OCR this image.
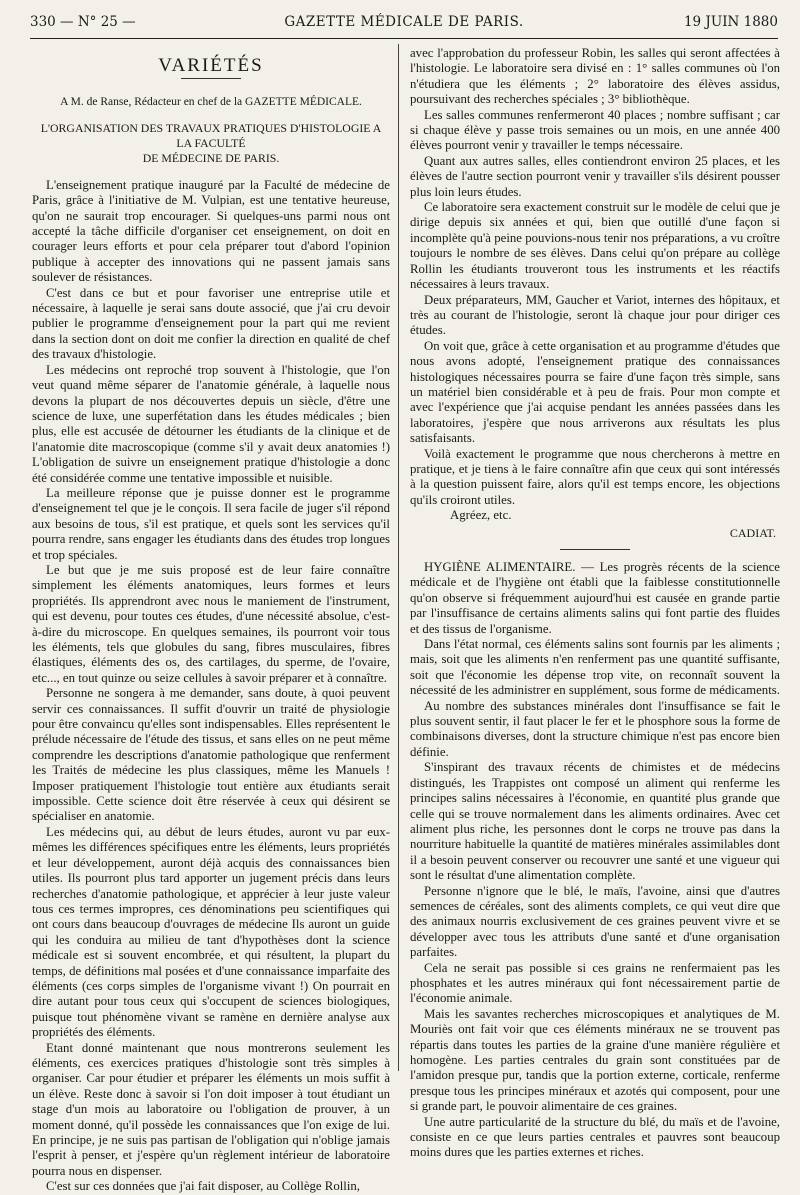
330 — N° 25 —	GAZETTE MÉDICALE DE PARIS.	19 JUIN 1880
VARIÉTÉS
A M. de Ranse, Rédacteur en chef de la GAZETTE MÉDICALE.
L'ORGANISATION DES TRAVAUX PRATIQUES D'HISTOLOGIE A LA FACULTÉ
DE MÉDECINE DE PARIS.

L'enseignement pratique inauguré par la Faculté de médecine de Paris, grâce à l'initiative de M. Vulpian, est une tentative heureuse, qu'on ne saurait trop encourager. Si quelques-uns parmi nous ont accepté la tâche difficile d'organiser cet enseignement, on doit en courager leurs efforts et pour cela préparer tout d'abord l'opinion publique à accepter des innovations qui ne passent jamais sans soulever de résistances.

C'est dans ce but et pour favoriser une entreprise utile et nécessaire, à laquelle je serai sans doute associé, que j'ai cru devoir publier le programme d'enseignement pour la part qui me revient dans la section dont on doit me confier la direction en qualité de chef des travaux d'histologie.

Les médecins ont reproché trop souvent à l'histologie, que l'on veut quand même séparer de l'anatomie générale, à laquelle nous devons la plupart de nos découvertes depuis un siècle, d'être une science de luxe, une superfétation dans les études médicales ; bien plus, elle est accusée de détourner les étudiants de la clinique et de l'anatomie dite macroscopique (comme s'il y avait deux anatomies !) L'obligation de suivre un enseignement pratique d'histologie a donc été considérée comme une tentative impossible et nuisible.

La meilleure réponse que je puisse donner est le programme d'enseignement tel que je le conçois. Il sera facile de juger s'il répond aux besoins de tous, s'il est pratique, et quels sont les services qu'il pourra rendre, sans engager les étudiants dans des études trop longues et trop spéciales.

Le but que je me suis proposé est de leur faire connaître simplement les éléments anatomiques, leurs formes et leurs propriétés. Ils apprendront avec nous le maniement de l'instrument, qui est devenu, pour toutes ces études, d'une nécessité absolue, c'est-à-dire du microscope. En quelques semaines, ils pourront voir tous les éléments, tels que globules du sang, fibres musculaires, fibres élastiques, éléments des os, des cartilages, du sperme, de l'ovaire, etc..., en tout quinze ou seize cellules à savoir préparer et à connaître.

Personne ne songera à me demander, sans doute, à quoi peuvent servir ces connaissances. Il suffit d'ouvrir un traité de physiologie pour être convaincu qu'elles sont indispensables. Elles représentent le prélude nécessaire de l'étude des tissus, et sans elles on ne peut même comprendre les descriptions d'anatomie pathologique que renferment les Traités de médecine les plus classiques, même les Manuels ! Imposer pratiquement l'histologie tout entière aux étudiants serait impossible. Cette science doit être réservée à ceux qui désirent se spécialiser en anatomie.

Les médecins qui, au début de leurs études, auront vu par eux-mêmes les différences spécifiques entre les éléments, leurs propriétés et leur développement, auront déjà acquis des connaissances bien utiles. Ils pourront plus tard apporter un jugement précis dans leurs recherches d'anatomie pathologique, et apprécier à leur juste valeur tous ces termes impropres, ces dénominations peu scientifiques qui ont cours dans beaucoup d'ouvrages de médecine Ils auront un guide qui les conduira au milieu de tant d'hypothèses dont la science médicale est si souvent encombrée, et qui résultent, la plupart du temps, de définitions mal posées et d'une connaissance imparfaite des éléments (ces corps simples de l'organisme vivant !) On pourrait en dire autant pour tous ceux qui s'occupent de sciences biologiques, puisque tout phénomène vivant se ramène en dernière analyse aux propriétés des éléments.

Etant donné maintenant que nous montrerons seulement les éléments, ces exercices pratiques d'histologie sont très simples à organiser. Car pour étudier et préparer les éléments un mois suffit à un élève. Reste donc à savoir si l'on doit imposer à tout étudiant un stage d'un mois au laboratoire ou l'obligation de prouver, à un moment donné, qu'il possède les connaissances que l'on exige de lui. En principe, je ne suis pas partisan de l'obligation qui n'oblige jamais l'esprit à penser, et j'espère qu'un règlement intérieur de laboratoire pourra nous en dispenser.

C'est sur ces données que j'ai fait disposer, au Collège Rollin,

avec l'approbation du professeur Robin, les salles qui seront affectées à l'histologie. Le laboratoire sera divisé en : 1° salles communes où l'on n'étudiera que les éléments ; 2° laboratoire des élèves assidus, poursuivant des recherches spéciales ; 3° bibliothèque.

Les salles communes renfermeront 40 places ; nombre suffisant ; car si chaque élève y passe trois semaines ou un mois, en une année 400 élèves pourront venir y travailler le temps nécessaire.

Quant aux autres salles, elles contiendront environ 25 places, et les élèves de l'autre section pourront venir y travailler s'ils désirent pousser plus loin leurs études.

Ce laboratoire sera exactement construit sur le modèle de celui que je dirige depuis six années et qui, bien que outillé d'une façon si incomplète qu'à peine pouvions-nous tenir nos préparations, a vu croître toujours le nombre de ses élèves. Dans celui qu'on prépare au collège Rollin les étudiants trouveront tous les instruments et les réactifs nécessaires à leurs travaux.

Deux préparateurs, MM, Gaucher et Variot, internes des hôpitaux, et très au courant de l'histologie, seront là chaque jour pour diriger ces études.

On voit que, grâce à cette organisation et au programme d'études que nous avons adopté, l'enseignement pratique des connaissances histologiques nécessaires pourra se faire d'une façon très simple, sans un matériel bien considérable et à peu de frais. Pour mon compte et avec l'expérience que j'ai acquise pendant les années passées dans les laboratoires, j'espère que nous arriverons aux résultats les plus satisfaisants.

Voilà exactement le programme que nous chercherons à mettre en pratique, et je tiens à le faire connaître afin que ceux qui sont intéressés à la question puissent faire, alors qu'il est temps encore, les objections qu'ils croiront utiles.

Agréez, etc.

CADIAT.

HYGIÈNE ALIMENTAIRE. — Les progrès récents de la science médicale et de l'hygiène ont établi que la faiblesse constitutionnelle qu'on observe si fréquemment aujourd'hui est causée en grande partie par l'insuffisance de certains aliments salins qui font partie des fluides et des tissus de l'organisme.

Dans l'état normal, ces éléments salins sont fournis par les aliments ; mais, soit que les aliments n'en renferment pas une quantité suffisante, soit que l'économie les dépense trop vite, on reconnaît souvent la nécessité de les administrer en supplément, sous forme de médicaments.

Au nombre des substances minérales dont l'insuffisance se fait le plus souvent sentir, il faut placer le fer et le phosphore sous la forme de combinaisons diverses, dont la structure chimique n'est pas encore bien définie.

S'inspirant des travaux récents de chimistes et de médecins distingués, les Trappistes ont composé un aliment qui renferme les principes salins nécessaires à l'économie, en quantité plus grande que celle qui se trouve normalement dans les aliments ordinaires. Avec cet aliment plus riche, les personnes dont le corps ne trouve pas dans la nourriture habituelle la quantité de matières minérales assimilables dont il a besoin peuvent conserver ou recouvrer une santé et une vigueur qui sont le résultat d'une alimentation complète.

Personne n'ignore que le blé, le maïs, l'avoine, ainsi que d'autres semences de céréales, sont des aliments complets, ce qui veut dire que des animaux nourris exclusivement de ces graines peuvent vivre et se développer avec tous les attributs d'une santé et d'une organisation parfaites.

Cela ne serait pas possible si ces grains ne renfermaient pas les phosphates et les autres minéraux qui font nécessairement partie de l'économie animale.

Mais les savantes recherches microscopiques et analytiques de M. Mouriès ont fait voir que ces éléments minéraux ne se trouvent pas répartis dans toutes les parties de la graine d'une manière régulière et homogène. Les parties centrales du grain sont constituées par de l'amidon presque pur, tandis que la portion externe, corticale, renferme presque tous les principes minéraux et azotés qui composent, pour une si grande part, le pouvoir alimentaire de ces graines.

Une autre particularité de la structure du blé, du maïs et de l'avoine, consiste en ce que leurs parties centrales et pauvres sont beaucoup moins dures que les parties externes et riches.
